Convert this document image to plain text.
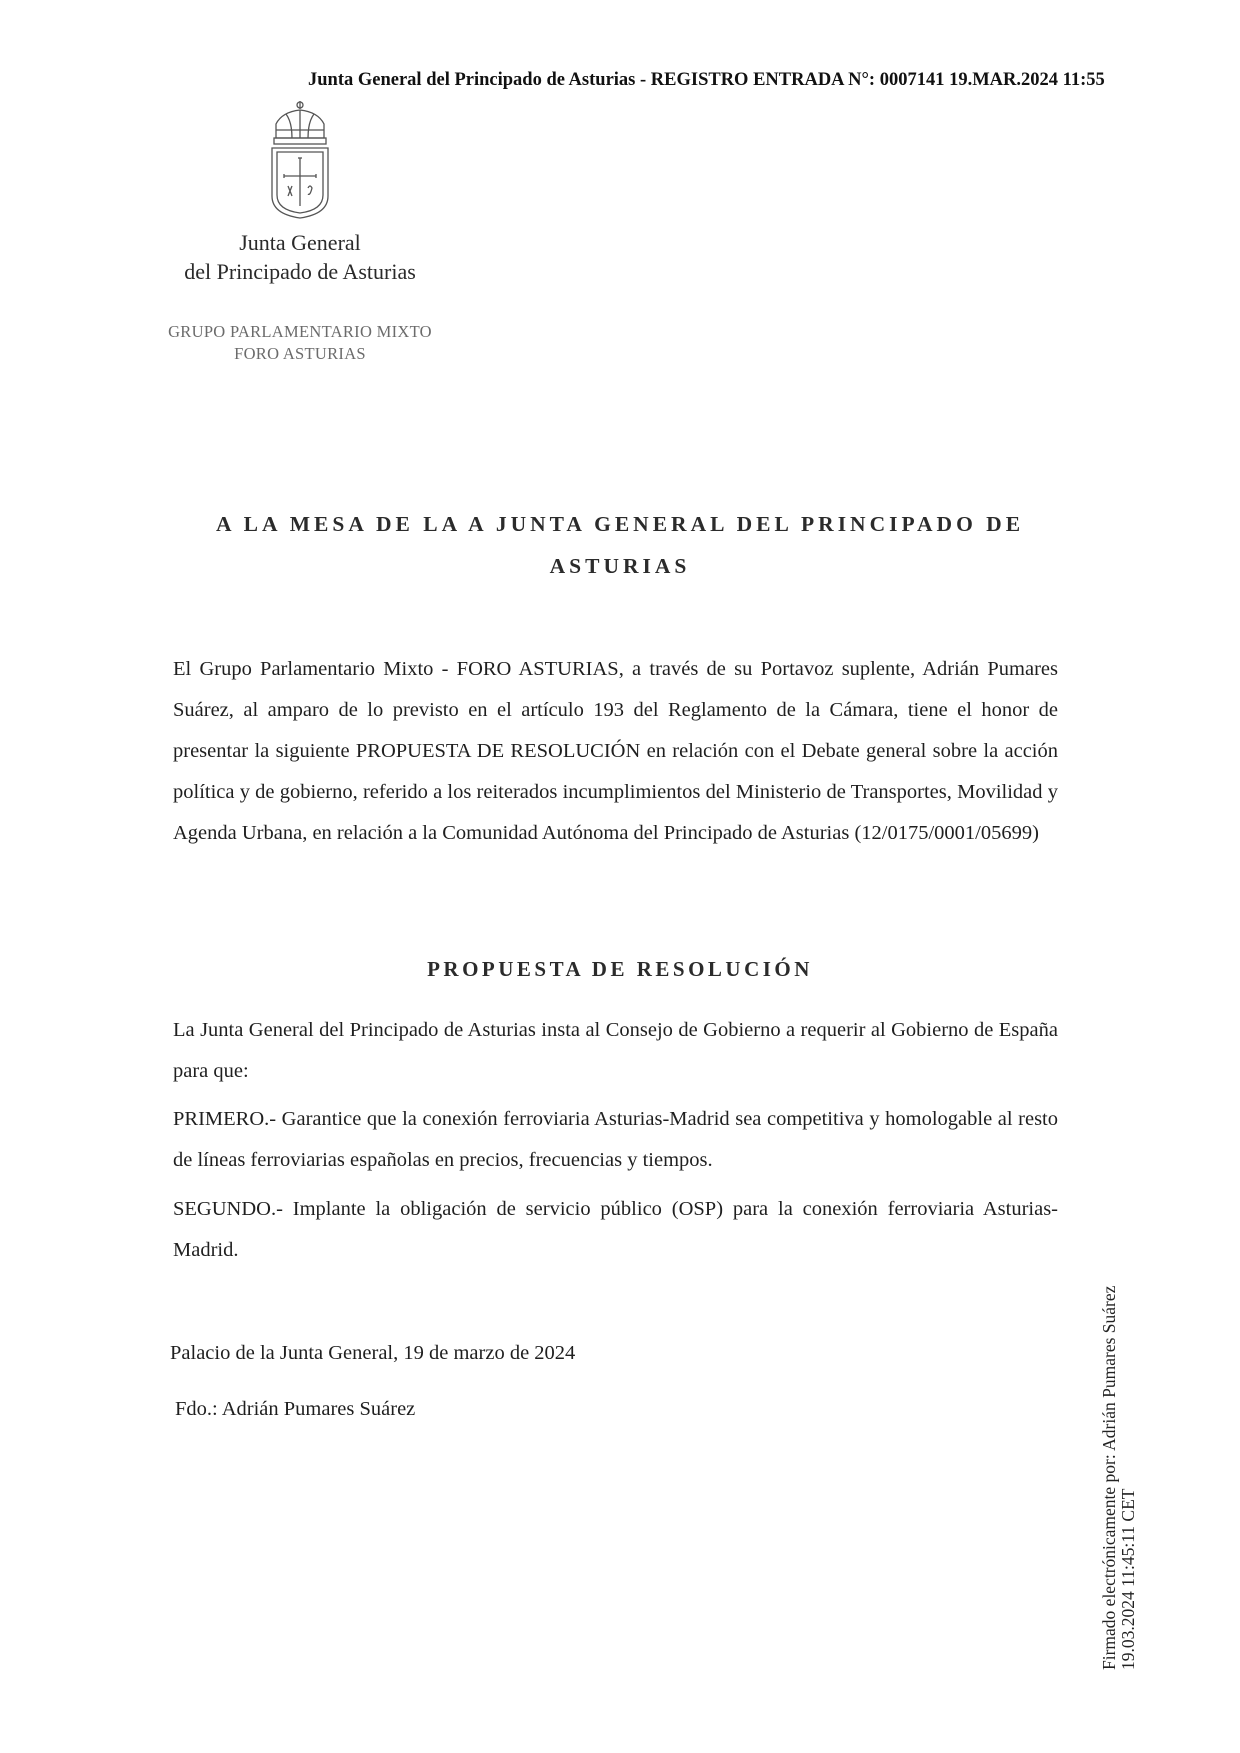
Junta General del Principado de Asturias - REGISTRO ENTRADA N°: 0007141 19.MAR.2024 11:55
Junta General
del Principado de Asturias
GRUPO PARLAMENTARIO MIXTO
FORO ASTURIAS
A LA MESA DE LA A JUNTA GENERAL DEL PRINCIPADO DE
ASTURIAS
El Grupo Parlamentario Mixto - FORO ASTURIAS, a través de su Portavoz suplente, Adrián Pumares Suárez, al amparo de lo previsto en el artículo 193 del Reglamento de la Cámara, tiene el honor de presentar la siguiente PROPUESTA DE RESOLUCIÓN en relación con el Debate general sobre la acción política y de gobierno, referido a los reiterados incumplimientos del Ministerio de Transportes, Movilidad y Agenda Urbana, en relación a la Comunidad Autónoma del Principado de Asturias (12/0175/0001/05699)
PROPUESTA DE RESOLUCIÓN
La Junta General del Principado de Asturias insta al Consejo de Gobierno a requerir al Gobierno de España para que:
PRIMERO.- Garantice que la conexión ferroviaria Asturias-Madrid sea competitiva y homologable al resto de líneas ferroviarias españolas en precios, frecuencias y tiempos.
SEGUNDO.- Implante la obligación de servicio público (OSP) para la conexión ferroviaria Asturias-Madrid.
Palacio de la Junta General, 19 de marzo de 2024
Fdo.: Adrián Pumares Suárez	Firmado electrónicamente por: Adrián Pumares Suárez 19.03.2024 11:45:11 CET
